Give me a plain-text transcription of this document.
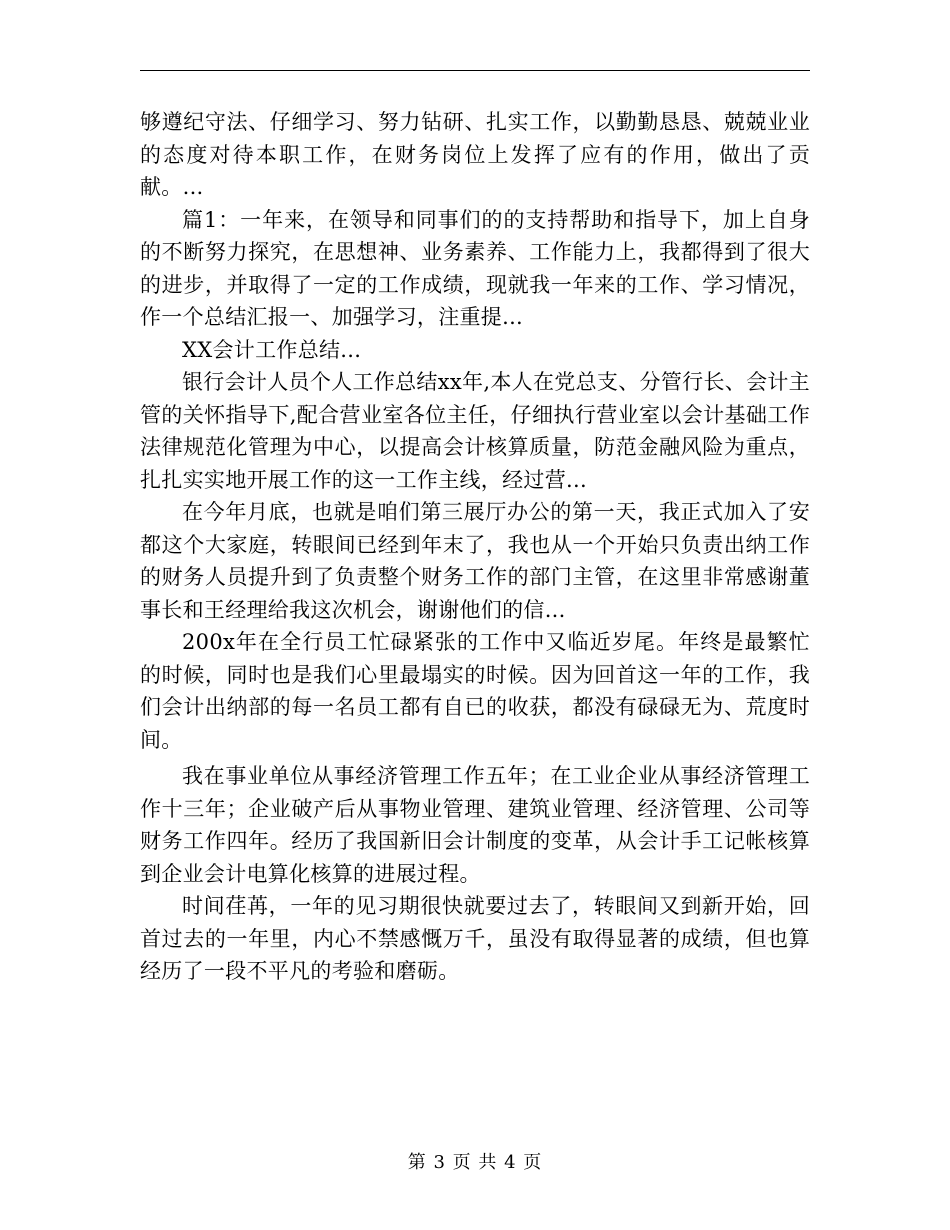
够遵纪守法、仔细学习、努力钻研、扎实工作，以勤勤恳恳、兢兢业业的态度对待本职工作，在财务岗位上发挥了应有的作用，做出了贡献。...

篇1：一年来，在领导和同事们的的支持帮助和指导下，加上自身的不断努力探究，在思想神、业务素养、工作能力上，我都得到了很大的进步，并取得了一定的工作成绩，现就我一年来的工作、学习情况，作一个总结汇报一、加强学习，注重提...

XX会计工作总结...

银行会计人员个人工作总结xx年,本人在党总支、分管行长、会计主管的关怀指导下,配合营业室各位主任，仔细执行营业室以会计基础工作法律规范化管理为中心，以提高会计核算质量，防范金融风险为重点，扎扎实实地开展工作的这一工作主线，经过营...

在今年月底，也就是咱们第三展厅办公的第一天，我正式加入了安都这个大家庭，转眼间已经到年末了，我也从一个开始只负责出纳工作的财务人员提升到了负责整个财务工作的部门主管，在这里非常感谢董事长和王经理给我这次机会，谢谢他们的信...

200x年在全行员工忙碌紧张的工作中又临近岁尾。年终是最繁忙的时候，同时也是我们心里最塌实的时候。因为回首这一年的工作，我们会计出纳部的每一名员工都有自已的收获，都没有碌碌无为、荒度时间。

我在事业单位从事经济管理工作五年；在工业企业从事经济管理工作十三年；企业破产后从事物业管理、建筑业管理、经济管理、公司等财务工作四年。经历了我国新旧会计制度的变革，从会计手工记帐核算到企业会计电算化核算的进展过程。

时间荏苒，一年的见习期很快就要过去了，转眼间又到新开始，回首过去的一年里，内心不禁感慨万千，虽没有取得显著的成绩，但也算经历了一段不平凡的考验和磨砺。

第 3 页 共 4 页
